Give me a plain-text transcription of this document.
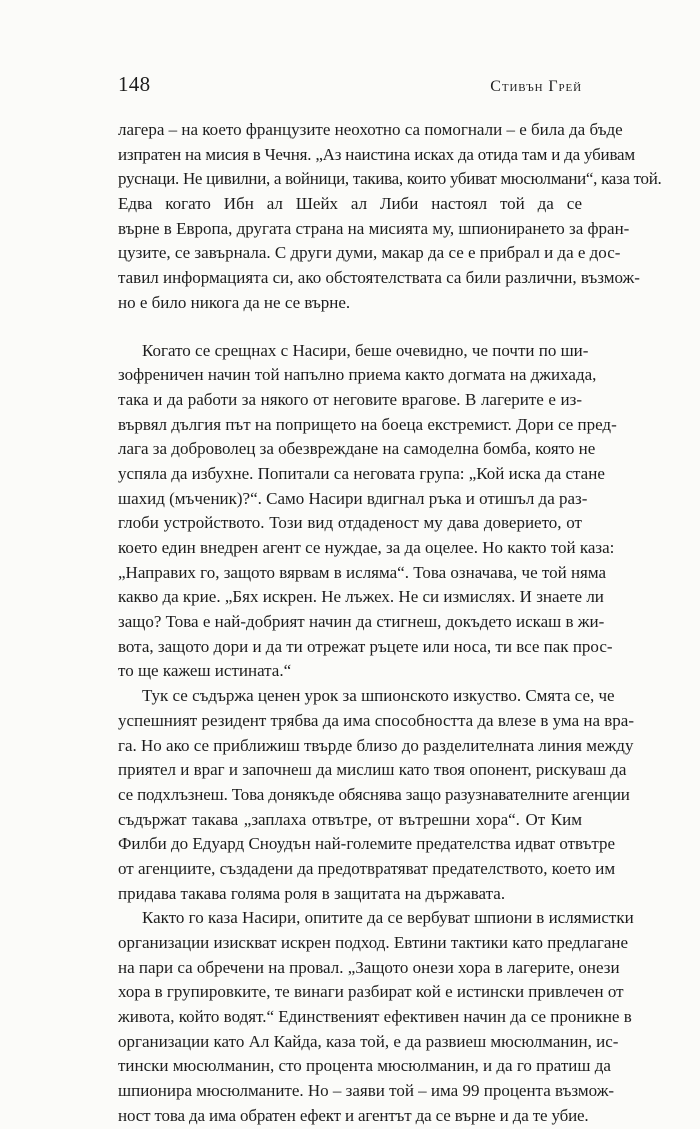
148	Стивън Грей
лагера – на което французите неохотно са помогнали – е била да бъде
изпратен на мисия в Чечня. „Аз наистина исках да отида там и да убивам
руснаци. Не цивилни, а войници, такива, които убиват мюсюлмани“, каза той.
Едва когато Ибн ал Шейх ал Либи настоял той да се
върне в Европа, другата страна на мисията му, шпионирането за фран-
цузите, се завърнала. С други думи, макар да се е прибрал и да е дос-
тавил информацията си, ако обстоятелствата са били различни, възмож-
но е било никога да не се върне.
Когато се срещнах с Насири, беше очевидно, че почти по ши-
зофреничен начин той напълно приема както догмата на джихада,
така и да работи за някого от неговите врагове. В лагерите е из-
вървял дългия път на попрището на боеца екстремист. Дори се пред-
лага за доброволец за обезвреждане на самоделна бомба, която не
успяла да избухне. Попитали са неговата група: „Кой иска да стане
шахид (мъченик)?“. Само Насири вдигнал ръка и отишъл да раз-
глоби устройството. Този вид отдаденост му дава доверието, от
което един внедрен агент се нуждае, за да оцелее. Но както той каза:
„Направих го, защото вярвам в исляма“. Това означава, че той няма
какво да крие. „Бях искрен. Не лъжех. Не си измислях. И знаете ли
защо? Това е най-добрият начин да стигнеш, докъдето искаш в жи-
вота, защото дори и да ти отрежат ръцете или носа, ти все пак прос-
то ще кажеш истината.“
Тук се съдържа ценен урок за шпионското изкуство. Смята се, че
успешният резидент трябва да има способността да влезе в ума на вра-
га. Но ако се приближиш твърде близо до разделителната линия между
приятел и враг и започнеш да мислиш като твоя опонент, рискуваш да
се подхлъзнеш. Това донякъде обяснява защо разузнавателните агенции
съдържат такава „заплаха отвътре, от вътрешни хора“. От Ким
Филби до Едуард Сноудън най-големите предателства идват отвътре
от агенциите, създадени да предотвратяват предателството, което им
придава такава голяма роля в защитата на държавата.
Както го каза Насири, опитите да се вербуват шпиони в ислямистки
организации изискват искрен подход. Евтини тактики като предлагане
на пари са обречени на провал. „Защото онези хора в лагерите, онези
хора в групировките, те винаги разбират кой е истински привлечен от
живота, който водят.“ Единственият ефективен начин да се проникне в
организации като Ал Кайда, каза той, е да развиеш мюсюлманин, ис-
тински мюсюлманин, сто процента мюсюлманин, и да го пратиш да
шпионира мюсюлманите. Но – заяви той – има 99 процента възмож-
ност това да има обратен ефект и агентът да се върне и да те убие.
